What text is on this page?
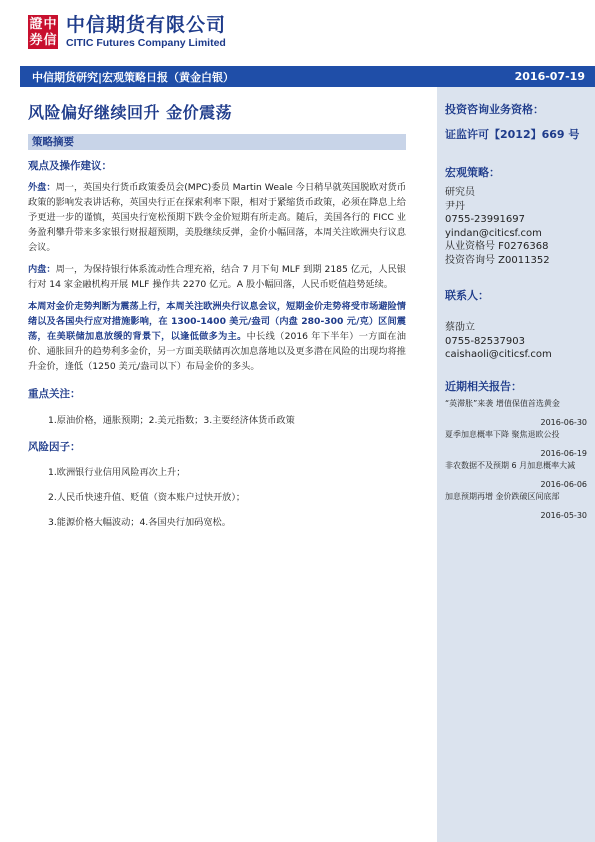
證 中
券 信
中信期货有限公司
CITIC Futures Company Limited
中信期货研究|宏观策略日报（黄金白银）	2016-07-19
风险偏好继续回升 金价震荡
策略摘要
观点及操作建议：

外盘：周一，英国央行货币政策委员会(MPC)委员 Martin Weale 今日稍早就英国脱欧对货币政策的影响发表讲话称，英国央行正在探索利率下限，相对于紧缩货币政策，必须在降息上给予更进一步的谨慎，英国央行宽松预期下跌令金价短期有所走高。随后，美国各行的 FICC 业务盈利攀升带来多家银行财报超预期，美股继续反弹，金价小幅回落，本周关注欧洲央行议息会议。

内盘：周一，为保持银行体系流动性合理充裕，结合 7 月下旬 MLF 到期 2185 亿元，人民银行对 14 家金融机构开展 MLF 操作共 2270 亿元。A 股小幅回落，人民币贬值趋势延续。

本周对金价走势判断为震荡上行，本周关注欧洲央行议息会议，短期金价走势将受市场避险情绪以及各国央行应对措施影响，在 1300-1400 美元/盎司（内盘 280-300 元/克）区间震荡，在美联储加息放缓的背景下，以逢低做多为主。中长线（2016 年下半年）一方面在油价、通胀回升的趋势利多金价，另一方面美联储再次加息落地以及更多潜在风险的出现均将推升金价，逢低（1250 美元/盎司以下）布局金价的多头。

重点关注：
1.原油价格，通胀预期；2.美元指数；3.主要经济体货币政策
风险因子：
1.欧洲银行业信用风险再次上升；
2.人民币快速升值、贬值（资本账户过快开放）；
3.能源价格大幅波动；4.各国央行加码宽松。
投资咨询业务资格：
证监许可【2012】669 号
宏观策略：
研究员
尹丹
0755-23991697
yindan@citicsf.com
从业资格号 F0276368
投资咨询号 Z0011352
联系人：
蔡劭立
0755-82537903
caishaoli@citicsf.com
近期相关报告：
“英滞胀”来袭 增值保值首选黄金
2016-06-30
夏季加息概率下降 聚焦退欧公投
2016-06-19
非农数据不及预期 6 月加息概率大减
2016-06-06
加息预期再增 金价跌破区间底部
2016-05-30
